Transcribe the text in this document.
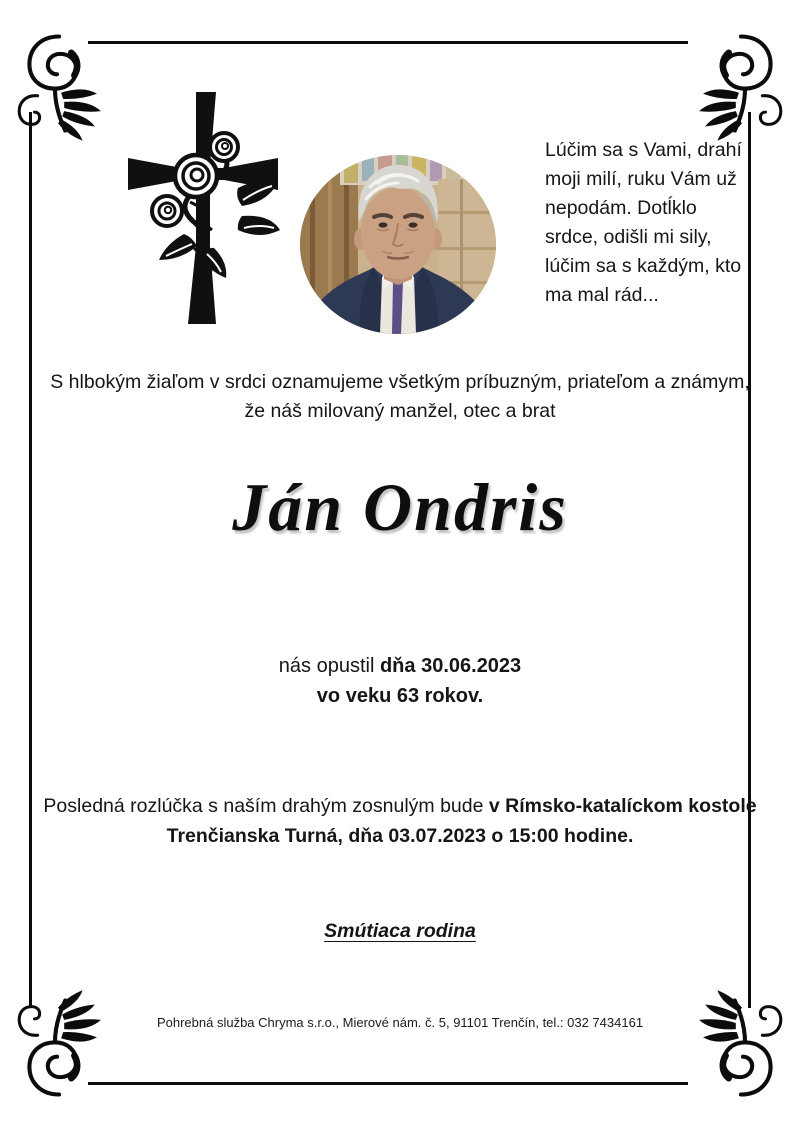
Lúčim sa s Vami, drahí
moji milí, ruku Vám už
nepodám. Dotĺklo
srdce, odišli mi sily,
lúčim sa s každým, kto
ma mal rád...
S hlbokým žiaľom v srdci oznamujeme všetkým príbuzným, priateľom a známym,
že náš milovaný manžel, otec a brat
Ján Ondris
nás opustil dňa 30.06.2023
vo veku 63 rokov.
Posledná rozlúčka s naším drahým zosnulým bude v Rímsko-katalíckom kostole
Trenčianska Turná, dňa 03.07.2023 o 15:00 hodine.
Smútiaca rodina
Pohrebná služba Chryma s.r.o., Mierové nám. č. 5, 91101 Trenčín, tel.: 032 7434161
